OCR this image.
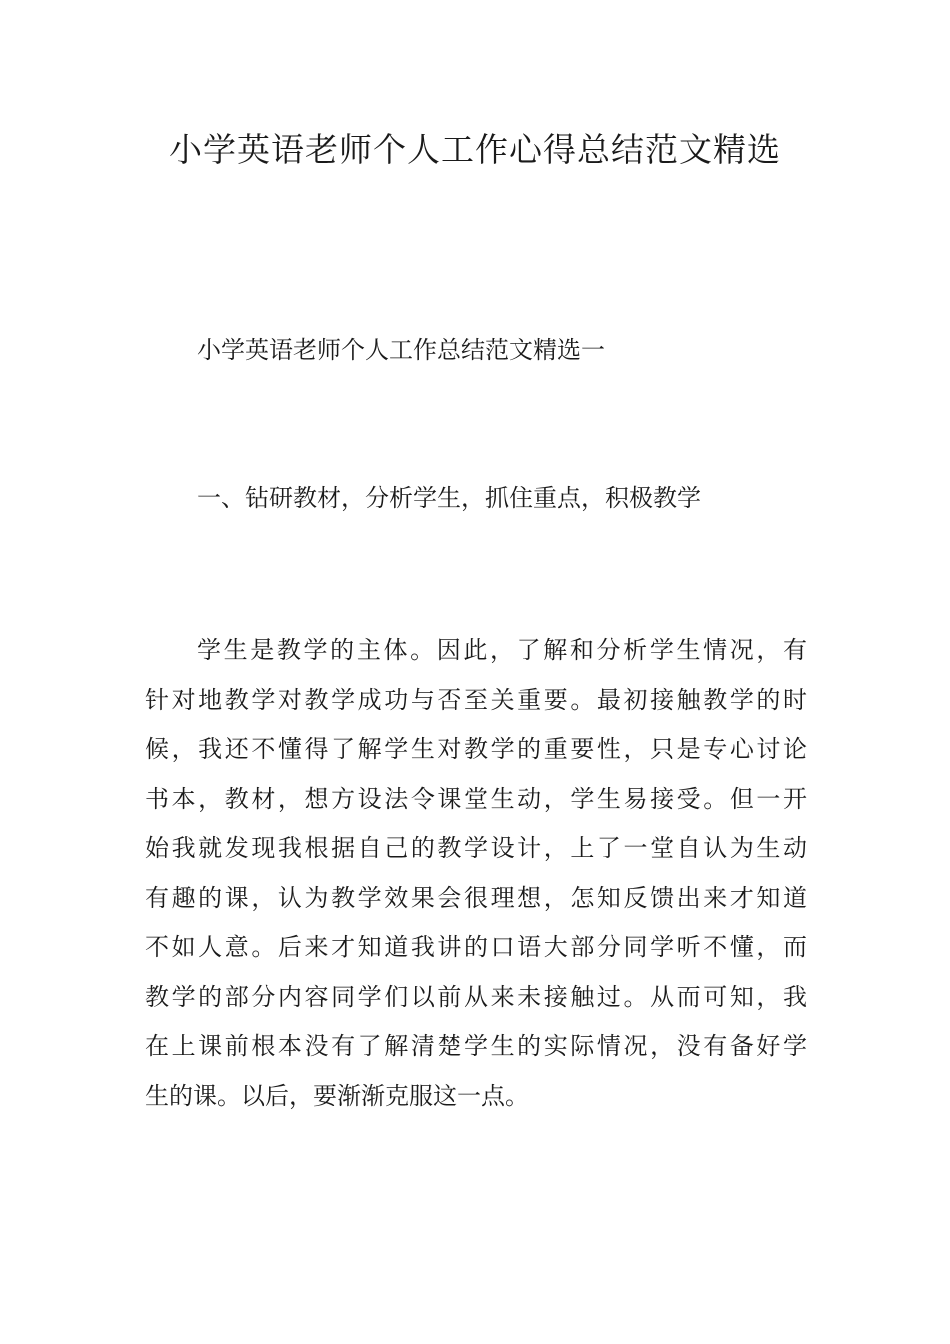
小学英语老师个人工作心得总结范文精选

小学英语老师个人工作总结范文精选一

一、钻研教材，分析学生，抓住重点，积极教学

学生是教学的主体。因此，了解和分析学生情况，有
针对地教学对教学成功与否至关重要。最初接触教学的时
候，我还不懂得了解学生对教学的重要性，只是专心讨论
书本，教材，想方设法令课堂生动，学生易接受。但一开
始我就发现我根据自己的教学设计，上了一堂自认为生动
有趣的课，认为教学效果会很理想，怎知反馈出来才知道
不如人意。后来才知道我讲的口语大部分同学听不懂，而
教学的部分内容同学们以前从来未接触过。从而可知，我
在上课前根本没有了解清楚学生的实际情况，没有备好学
生的课。以后，要渐渐克服这一点。
